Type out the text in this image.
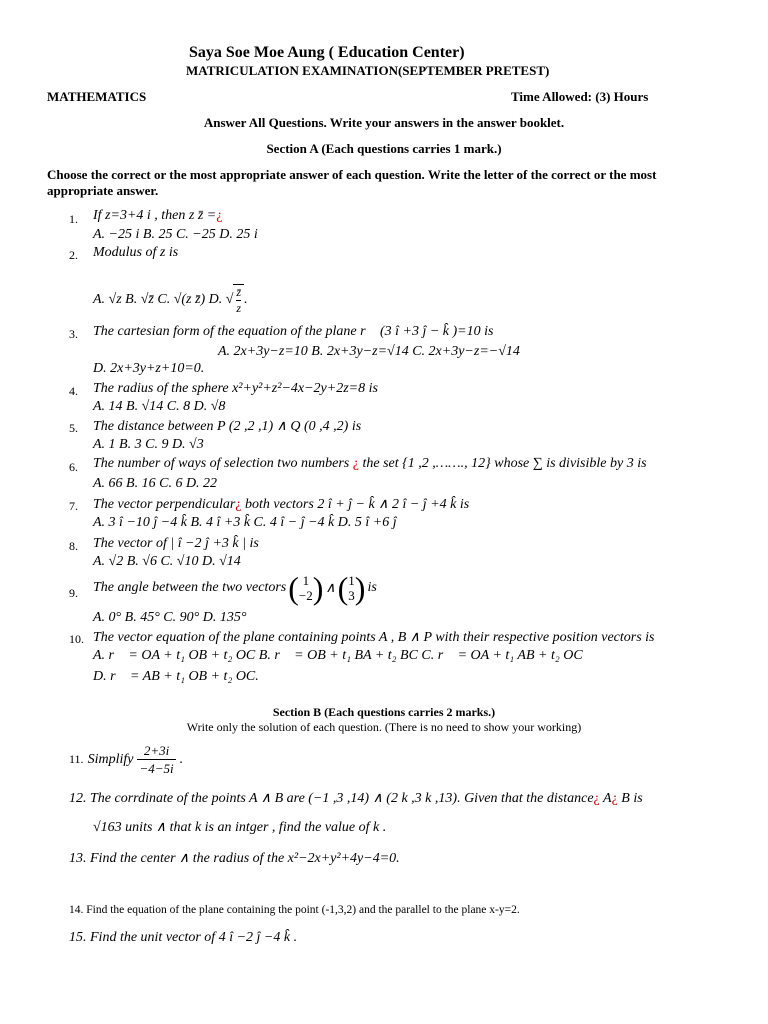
Saya Soe Moe Aung ( Education Center)
MATRICULATION EXAMINATION(SEPTEMBER PRETEST)
MATHEMATICS	Time Allowed: (3) Hours
Answer All Questions. Write your answers in the answer booklet.
Section A (Each questions carries 1 mark.)
Choose the correct or the most appropriate answer of each question. Write the letter of the correct or the most
appropriate answer.
1. If z=3+4 i , then z z̄ =¿
A. −25 i B. 25 C. −25 D. 25 i
2. Modulus of z is
A. √z B. √z̄ C. √(z z̄) D. √ $\frac{z̄}{z}$ .
3. The cartesian form of the equation of the plane r⃗ (3 î +3 ĵ − k̂ )=10 is
A. 2x+3y−z=10 B. 2x+3y−z=√14 C. 2x+3y−z=−√14
D. 2x+3y+z+10=0.
4. The radius of the sphere x²+y²+z²−4x−2y+2z=8 is
A. 14 B. √14 C. 8 D. √8
5. The distance between P (2 ,2 ,1) ∧ Q (0 ,4 ,2) is
A. 1 B. 3 C. 9 D. √3
6. The number of ways of selection two numbers ¿ the set {1 ,2 ,……., 12} whose ∑ is divisible by 3 is
A. 66 B. 16 C. 6 D. 22
7. The vector perpendicular¿ both vectors 2 î + ĵ − k̂ ∧ 2 î − ĵ +4 k̂ is
A. 3 î −10 ĵ −4 k̂ B. 4 î +3 k̂ C. 4 î − ĵ −4 k̂ D. 5 î +6 ĵ
8. The vector of | î −2 ĵ +3 k̂ | is
A. √2 B. √6 C. √10 D. √14
9. The angle between the two vectors ( 1
−2 ) ∧ ( 1
3 ) is
A. 0° B. 45° C. 90° D. 135°
10. The vector equation of the plane containing points A , B ∧ P with their respective position vectors is
A. r⃗ = OA + t₁ OB + t₂ OC B. r⃗ = OB + t₁ BA + t₂ BC C. r⃗ = OA + t₁ AB + t₂ OC
D. r⃗ = AB + t₁ OB + t₂ OC.
Section B (Each questions carries 2 marks.)
Write only the solution of each question. (There is no need to show your working)
11. Simplify
2+3i
−4−5i
.
12. The corrdinate of the points A ∧ B are (−1 ,3 ,14) ∧ (2 k ,3 k ,13). Given that the distance¿ A¿ B is
√163 units ∧ that k is an intger , find the value of k .
13. Find the center ∧ the radius of the x²−2x+y²+4y−4=0.
14. Find the equation of the plane containing the point (-1,3,2) and the parallel to the plane x-y=2.
15. Find the unit vector of 4 î −2 ĵ −4 k̂ .
